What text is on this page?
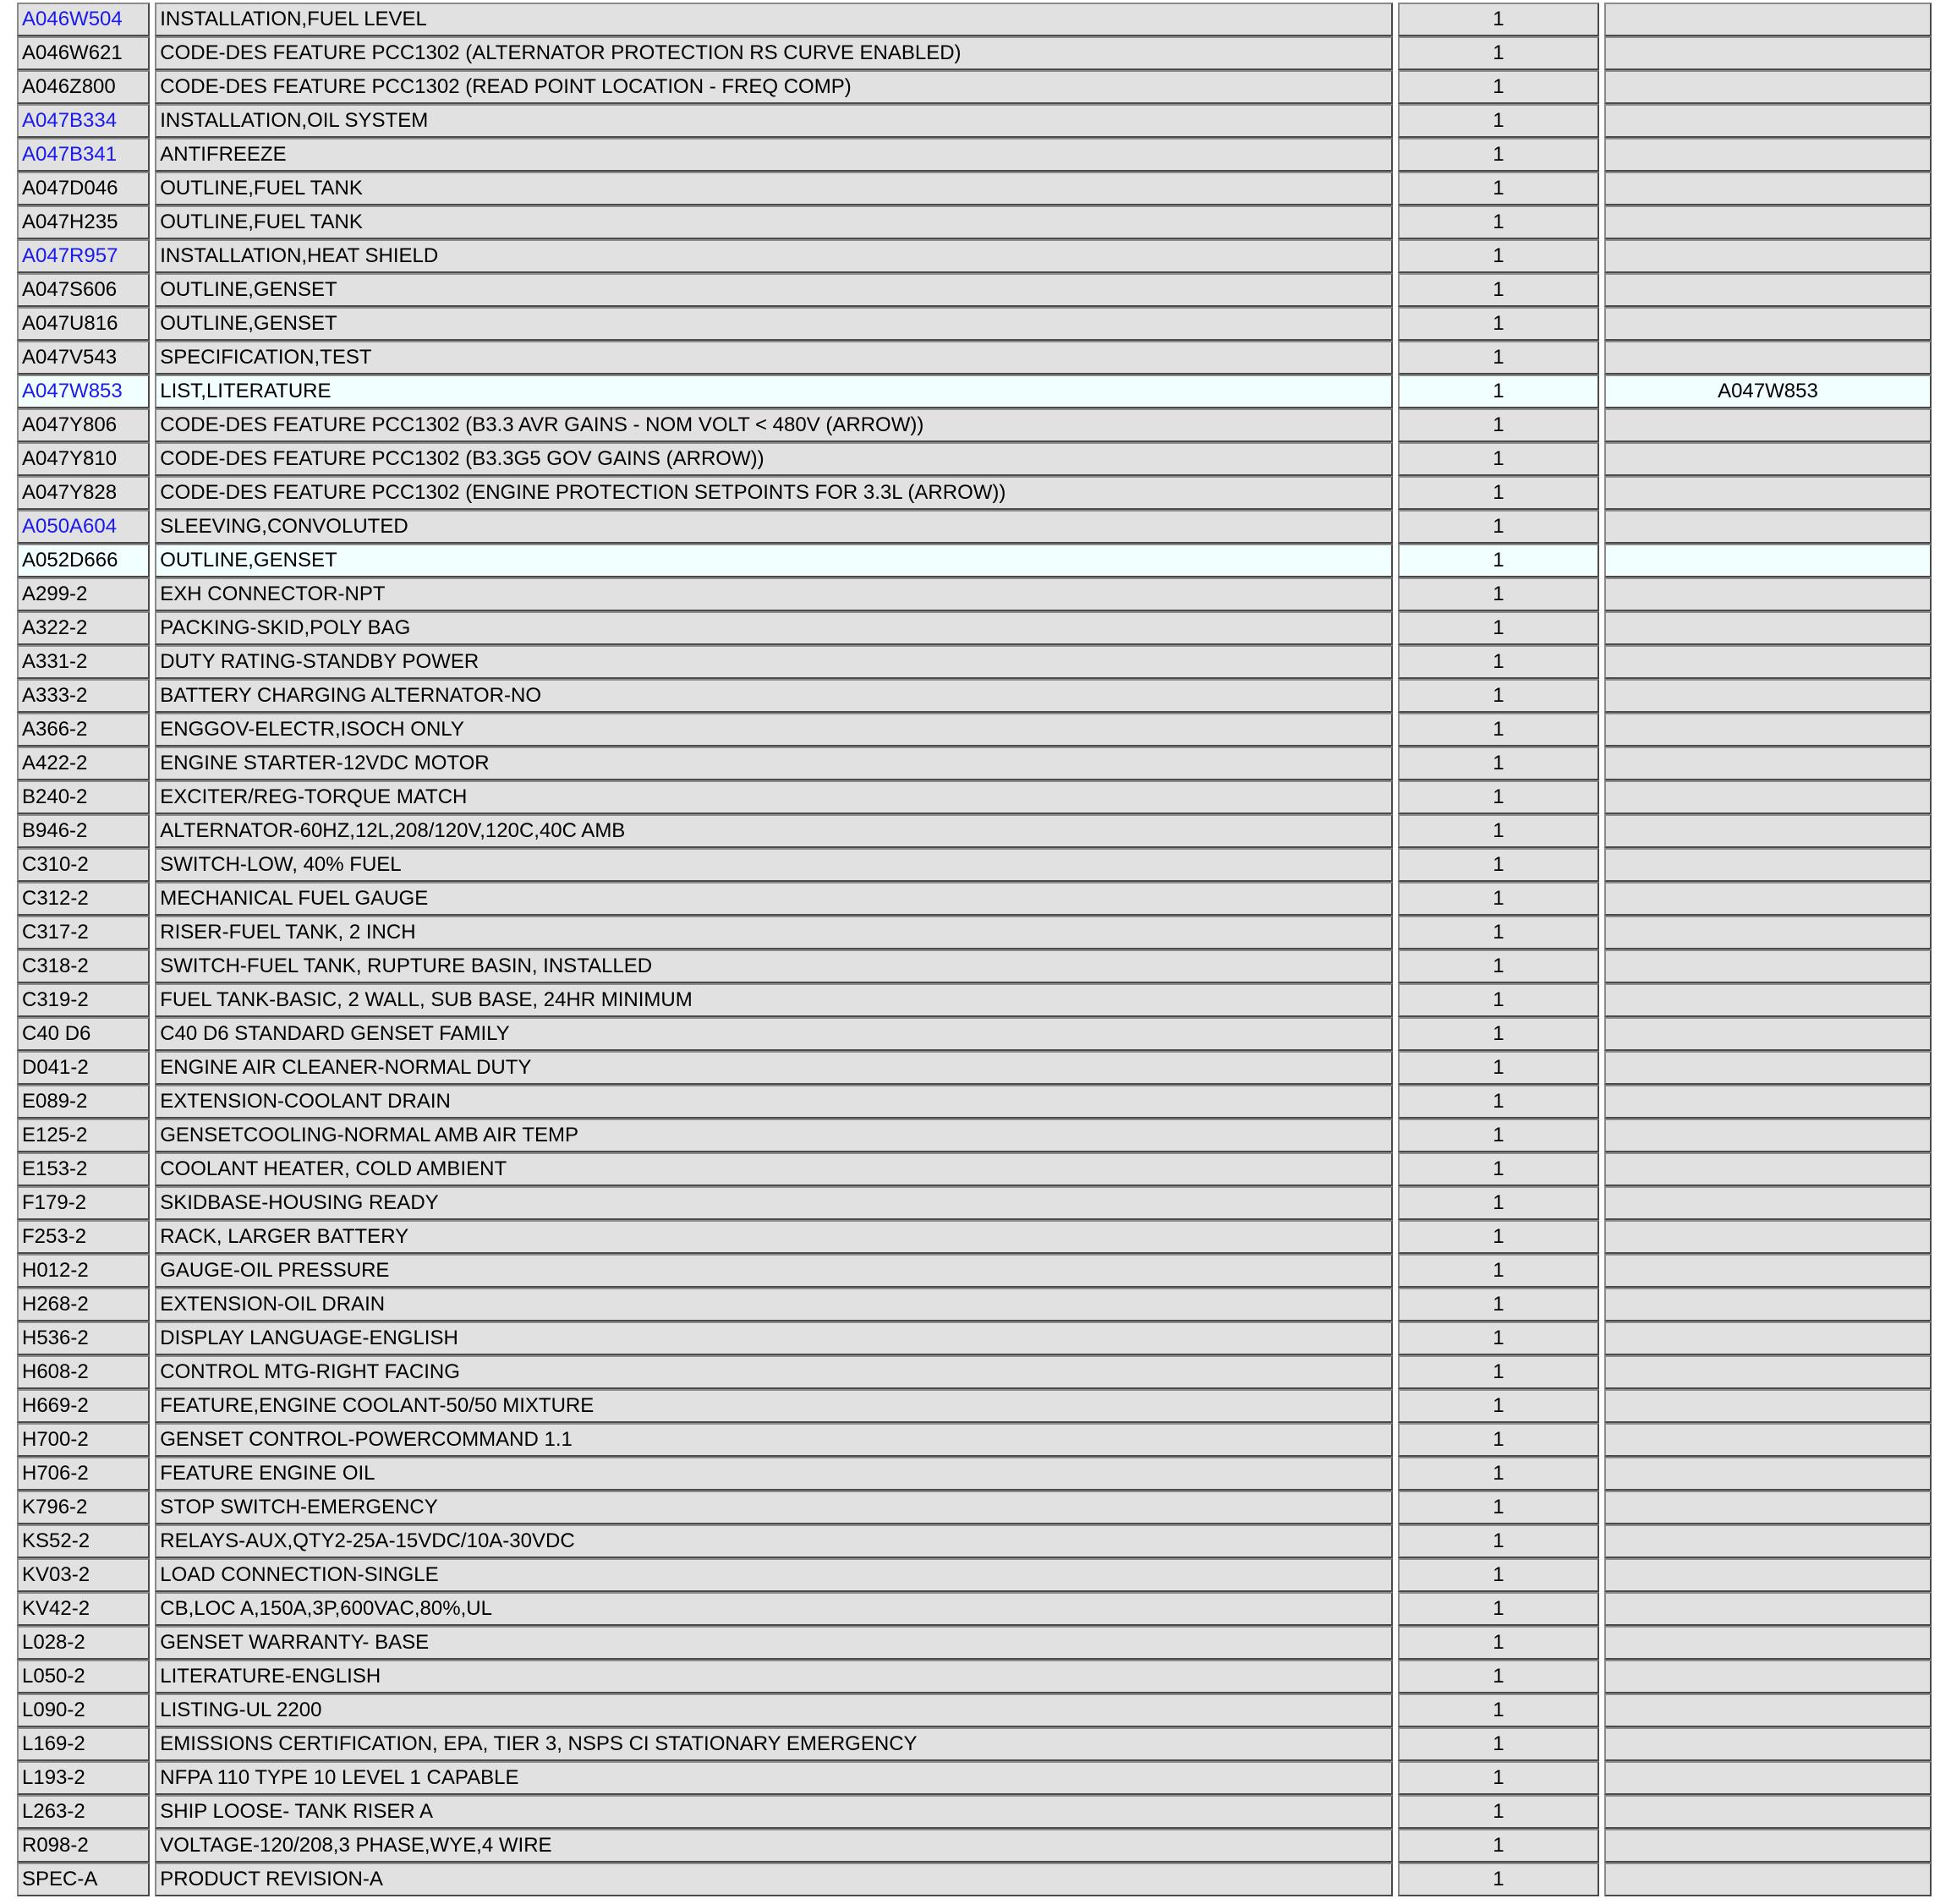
A046W504	INSTALLATION,FUEL LEVEL	1	
A046W621	CODE-DES FEATURE PCC1302 (ALTERNATOR PROTECTION RS CURVE ENABLED)	1	
A046Z800	CODE-DES FEATURE PCC1302 (READ POINT LOCATION - FREQ COMP)	1	
A047B334	INSTALLATION,OIL SYSTEM	1	
A047B341	ANTIFREEZE	1	
A047D046	OUTLINE,FUEL TANK	1	
A047H235	OUTLINE,FUEL TANK	1	
A047R957	INSTALLATION,HEAT SHIELD	1	
A047S606	OUTLINE,GENSET	1	
A047U816	OUTLINE,GENSET	1	
A047V543	SPECIFICATION,TEST	1	
A047W853	LIST,LITERATURE	1	A047W853
A047Y806	CODE-DES FEATURE PCC1302 (B3.3 AVR GAINS - NOM VOLT < 480V (ARROW))	1	
A047Y810	CODE-DES FEATURE PCC1302 (B3.3G5 GOV GAINS (ARROW))	1	
A047Y828	CODE-DES FEATURE PCC1302 (ENGINE PROTECTION SETPOINTS FOR 3.3L (ARROW))	1	
A050A604	SLEEVING,CONVOLUTED	1	
A052D666	OUTLINE,GENSET	1	
A299-2	EXH CONNECTOR-NPT	1	
A322-2	PACKING-SKID,POLY BAG	1	
A331-2	DUTY RATING-STANDBY POWER	1	
A333-2	BATTERY CHARGING ALTERNATOR-NO	1	
A366-2	ENGGOV-ELECTR,ISOCH ONLY	1	
A422-2	ENGINE STARTER-12VDC MOTOR	1	
B240-2	EXCITER/REG-TORQUE MATCH	1	
B946-2	ALTERNATOR-60HZ,12L,208/120V,120C,40C AMB	1	
C310-2	SWITCH-LOW, 40% FUEL	1	
C312-2	MECHANICAL FUEL GAUGE	1	
C317-2	RISER-FUEL TANK, 2 INCH	1	
C318-2	SWITCH-FUEL TANK, RUPTURE BASIN, INSTALLED	1	
C319-2	FUEL TANK-BASIC, 2 WALL, SUB BASE, 24HR MINIMUM	1	
C40 D6	C40 D6 STANDARD GENSET FAMILY	1	
D041-2	ENGINE AIR CLEANER-NORMAL DUTY	1	
E089-2	EXTENSION-COOLANT DRAIN	1	
E125-2	GENSETCOOLING-NORMAL AMB AIR TEMP	1	
E153-2	COOLANT HEATER, COLD AMBIENT	1	
F179-2	SKIDBASE-HOUSING READY	1	
F253-2	RACK, LARGER BATTERY	1	
H012-2	GAUGE-OIL PRESSURE	1	
H268-2	EXTENSION-OIL DRAIN	1	
H536-2	DISPLAY LANGUAGE-ENGLISH	1	
H608-2	CONTROL MTG-RIGHT FACING	1	
H669-2	FEATURE,ENGINE COOLANT-50/50 MIXTURE	1	
H700-2	GENSET CONTROL-POWERCOMMAND 1.1	1	
H706-2	FEATURE ENGINE OIL	1	
K796-2	STOP SWITCH-EMERGENCY	1	
KS52-2	RELAYS-AUX,QTY2-25A-15VDC/10A-30VDC	1	
KV03-2	LOAD CONNECTION-SINGLE	1	
KV42-2	CB,LOC A,150A,3P,600VAC,80%,UL	1	
L028-2	GENSET WARRANTY- BASE	1	
L050-2	LITERATURE-ENGLISH	1	
L090-2	LISTING-UL 2200	1	
L169-2	EMISSIONS CERTIFICATION, EPA, TIER 3, NSPS CI STATIONARY EMERGENCY	1	
L193-2	NFPA 110 TYPE 10 LEVEL 1 CAPABLE	1	
L263-2	SHIP LOOSE- TANK RISER A	1	
R098-2	VOLTAGE-120/208,3 PHASE,WYE,4 WIRE	1	
SPEC-A	PRODUCT REVISION-A	1	
